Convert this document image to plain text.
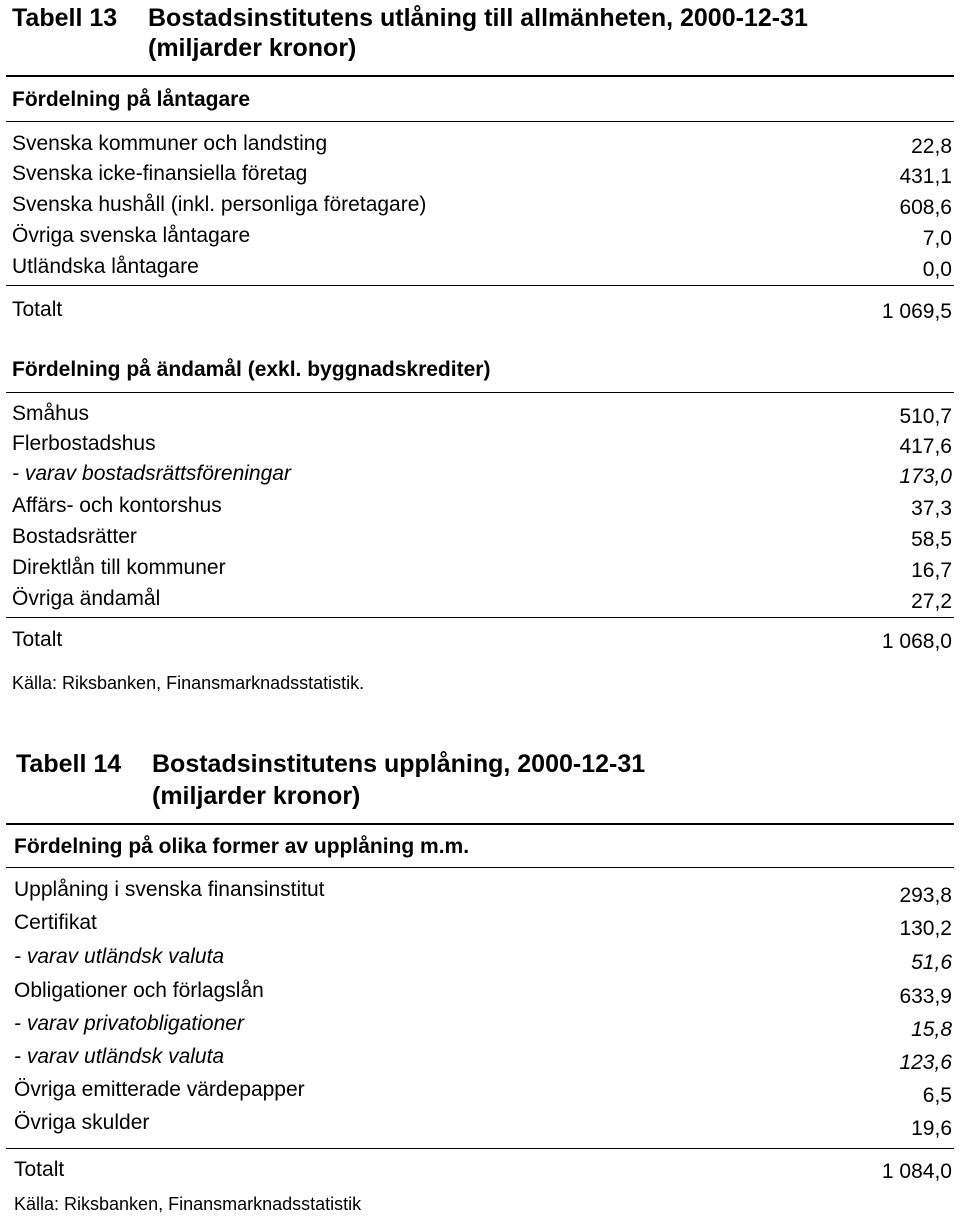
Tabell 13 Bostadsinstitutens utlåning till allmänheten, 2000-12-31
(miljarder kronor)
Fördelning på låntagare
Svenska kommuner och landsting	22,8
Svenska icke-finansiella företag	431,1
Svenska hushåll (inkl. personliga företagare)	608,6
Övriga svenska låntagare	7,0
Utländska låntagare	0,0
Totalt	1 069,5
Fördelning på ändamål (exkl. byggnadskrediter)
Småhus	510,7
Flerbostadshus	417,6
- varav bostadsrättsföreningar	173,0
Affärs- och kontorshus	37,3
Bostadsrätter	58,5
Direktlån till kommuner	16,7
Övriga ändamål	27,2
Totalt	1 068,0
Källa: Riksbanken, Finansmarknadsstatistik.
Tabell 14 Bostadsinstitutens upplåning, 2000-12-31
(miljarder kronor)
Fördelning på olika former av upplåning m.m.
Upplåning i svenska finansinstitut	293,8
Certifikat	130,2
- varav utländsk valuta	51,6
Obligationer och förlagslån	633,9
- varav privatobligationer	15,8
- varav utländsk valuta	123,6
Övriga emitterade värdepapper	6,5
Övriga skulder	19,6
Totalt	1 084,0
Källa: Riksbanken, Finansmarknadsstatistik
